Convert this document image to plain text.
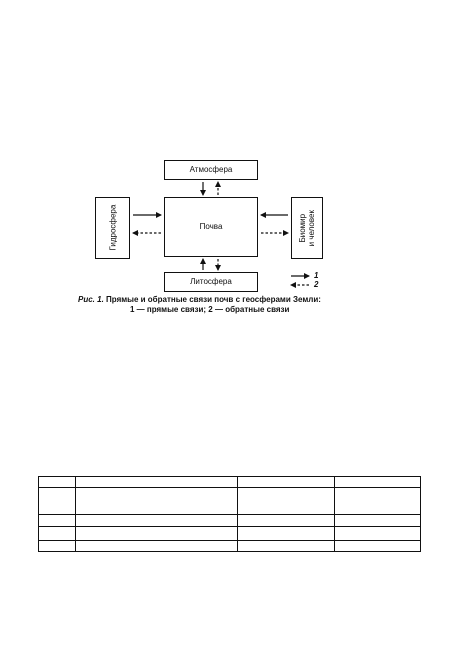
Атмосфера
Почва
Литосфера
Гидросфера	Биомир и человек
1
2
Рис. 1. Прямые и обратные связи почв с геосферами Земли:
1 — прямые связи; 2 — обратные связи
